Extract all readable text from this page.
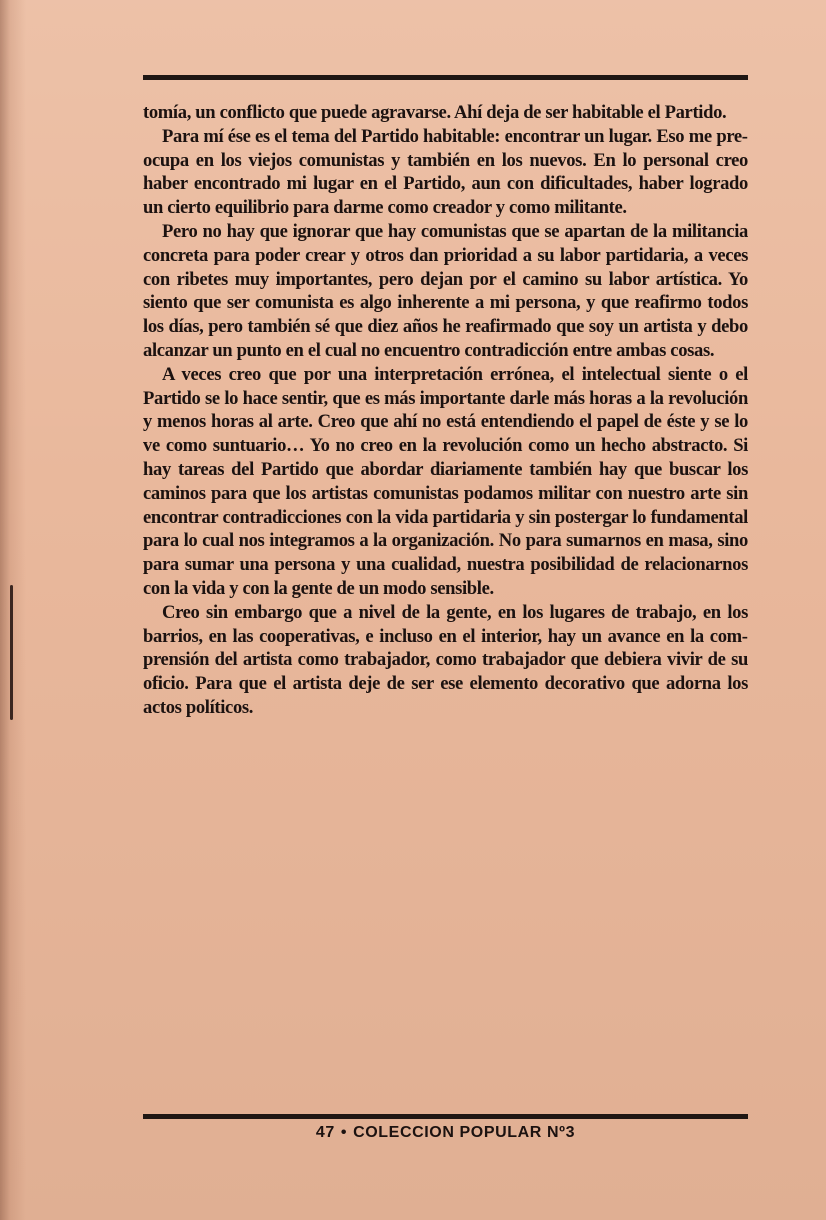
tomía, un conflicto que puede agravarse. Ahí deja de ser habitable el Partido.

Para mí ése es el tema del Partido habitable: encontrar un lugar. Eso me preocupa en los viejos comunistas y también en los nuevos. En lo personal creo haber encontrado mi lugar en el Partido, aun con dificultades, haber logrado un cierto equilibrio para darme como creador y como militante.

Pero no hay que ignorar que hay comunistas que se apartan de la militancia concreta para poder crear y otros dan prioridad a su labor partidaria, a veces con ribetes muy importantes, pero dejan por el camino su labor artística. Yo siento que ser comunista es algo inherente a mi persona, y que reafirmo todos los días, pero también sé que diez años he reafirmado que soy un artista y debo alcanzar un punto en el cual no encuentro contradicción entre ambas cosas.

A veces creo que por una interpretación errónea, el intelectual siente o el Partido se lo hace sentir, que es más importante darle más horas a la revolución y menos horas al arte. Creo que ahí no está entendiendo el papel de éste y se lo ve como suntuario… Yo no creo en la revolución como un hecho abstracto. Si hay tareas del Partido que abordar diariamente también hay que buscar los caminos para que los artistas comunistas podamos militar con nuestro arte sin encontrar contradicciones con la vida partidaria y sin postergar lo fundamental para lo cual nos integramos a la organización. No para sumarnos en masa, sino para sumar una persona y una cualidad, nuestra posibilidad de relacionarnos con la vida y con la gente de un modo sensible.

Creo sin embargo que a nivel de la gente, en los lugares de trabajo, en los barrios, en las cooperativas, e incluso en el interior, hay un avance en la comprensión del artista como trabajador, como trabajador que debiera vivir de su oficio. Para que el artista deje de ser ese elemento decorativo que adorna los actos políticos.

47 • COLECCION POPULAR Nº3
